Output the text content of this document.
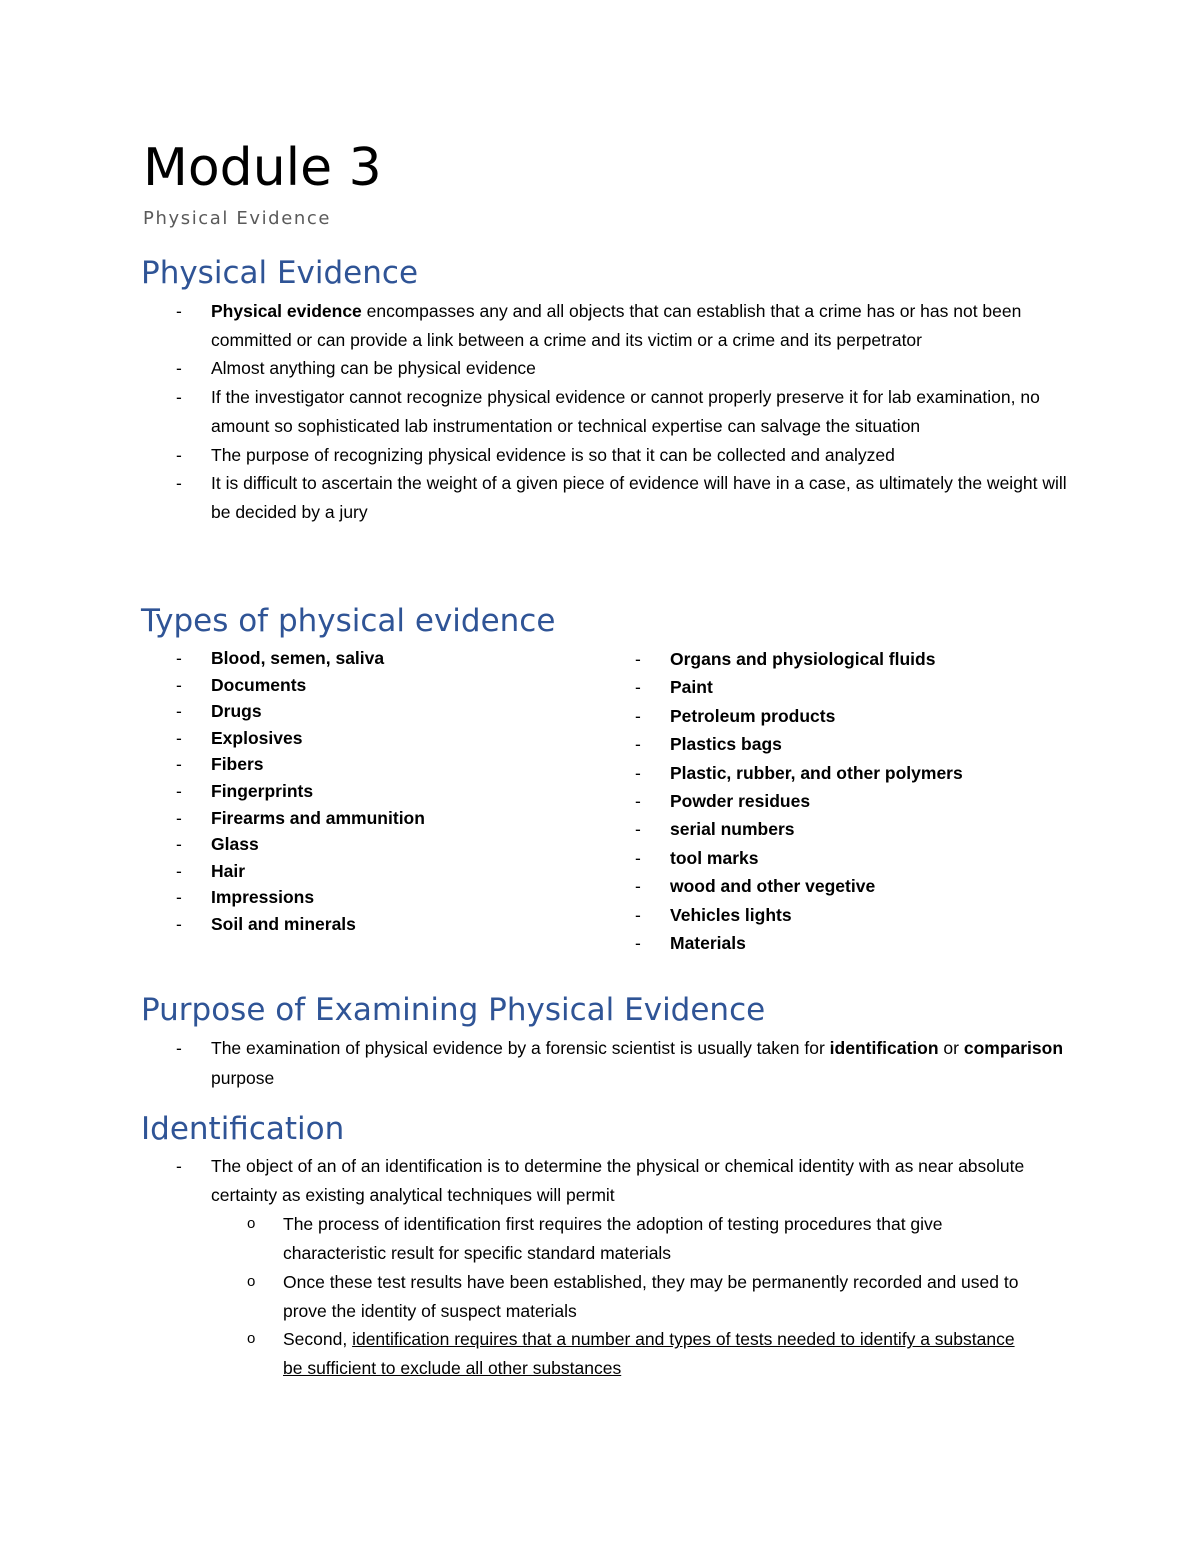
Module 3

Physical Evidence

Physical Evidence
- Physical evidence encompasses any and all objects that can establish that a crime has or has not been committed or can provide a link between a crime and its victim or a crime and its perpetrator
- Almost anything can be physical evidence
- If the investigator cannot recognize physical evidence or cannot properly preserve it for lab examination, no amount so sophisticated lab instrumentation or technical expertise can salvage the situation
- The purpose of recognizing physical evidence is so that it can be collected and analyzed
- It is difficult to ascertain the weight of a given piece of evidence will have in a case, as ultimately the weight will be decided by a jury
Types of physical evidence
- Blood, semen, saliva
- Documents
- Drugs
- Explosives
- Fibers
- Fingerprints
- Firearms and ammunition
- Glass
- Hair
- Impressions
- Soil and minerals
- Organs and physiological fluids
- Paint
- Petroleum products
- Plastics bags
- Plastic, rubber, and other polymers
- Powder residues
- serial numbers
- tool marks
- wood and other vegetive
- Vehicles lights
- Materials
Purpose of Examining Physical Evidence
- The examination of physical evidence by a forensic scientist is usually taken for identification or comparison purpose
Identification
- The object of an of an identification is to determine the physical or chemical identity with as near absolute certainty as existing analytical techniques will permit
o The process of identification first requires the adoption of testing procedures that give characteristic result for specific standard materials
o Once these test results have been established, they may be permanently recorded and used to prove the identity of suspect materials
o Second, identification requires that a number and types of tests needed to identify a substance be sufficient to exclude all other substances
